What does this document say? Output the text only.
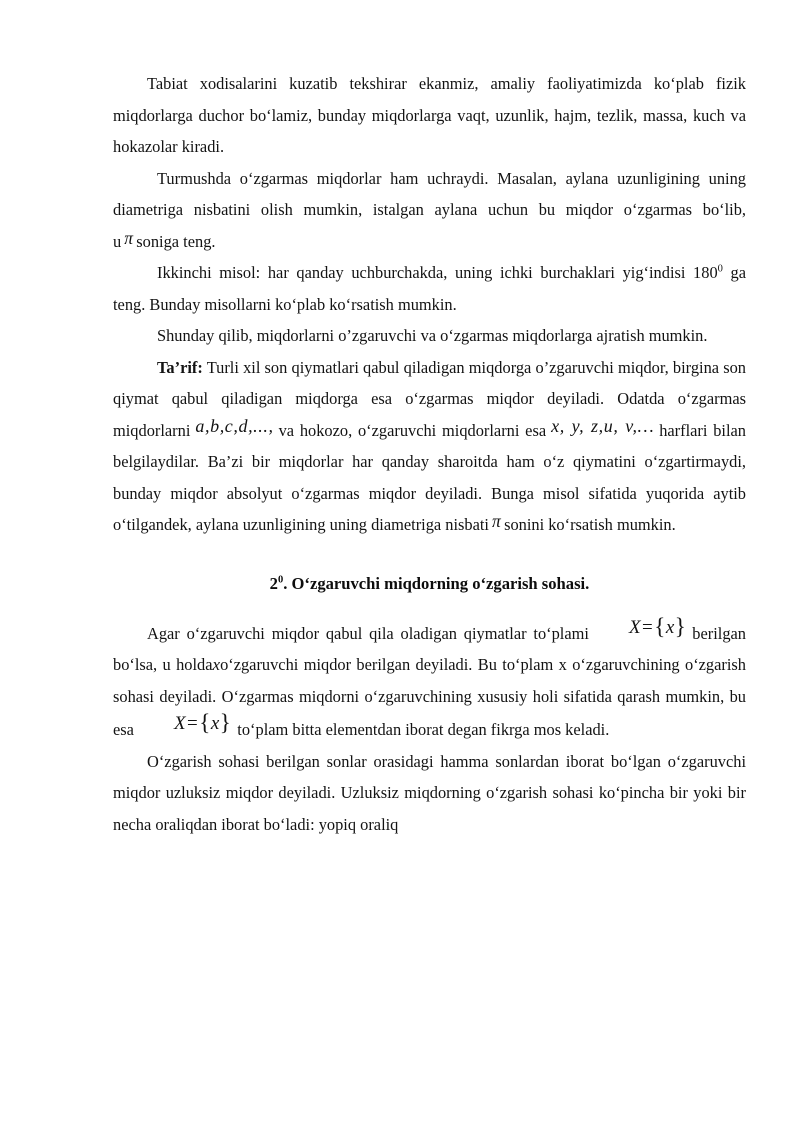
Tabiat xodisalarini kuzatib tekshirar ekanmiz, amaliy faoliyatimizda ko‘plab fizik miqdorlarga duchor bo‘lamiz, bunday miqdorlarga vaqt, uzunlik, hajm, tezlik, massa, kuch va hokazolar kiradi.

Turmushda o‘zgarmas miqdorlar ham uchraydi. Masalan, aylana uzunligining uning diametriga nisbatini olish mumkin, istalgan aylana uchun bu miqdor o‘zgarmas bo‘lib, u π soniga teng.

Ikkinchi misol: har qanday uchburchakda, uning ichki burchaklari yig‘indisi $180^0$ ga teng. Bunday misollarni ko‘plab ko‘rsatish mumkin.

Shunday qilib, miqdorlarni o’zgaruvchi va o‘zgarmas miqdorlarga ajratish mumkin.

Ta’rif: Turli xil son qiymatlari qabul qiladigan miqdorga o’zgaruvchi miqdor, birgina son qiymat qabul qiladigan miqdorga esa o‘zgarmas miqdor deyiladi. Odatda o‘zgarmas miqdorlarni a,b,c,d,..., va hokozo, o‘zgaruvchi miqdorlarni esa x, y, z,u, v,… harflari bilan belgilaydilar. Ba’zi bir miqdorlar har qanday sharoitda ham o‘z qiymatini o‘zgartirmaydi, bunday miqdor absolyut o‘zgarmas miqdor deyiladi. Bunga misol sifatida yuqorida aytib o‘tilgandek, aylana uzunligining uning diametriga nisbati π sonini ko‘rsatish mumkin.

$2^0$. O‘zgaruvchi miqdorning o‘zgarish sohasi.

Agar o‘zgaruvchi miqdor qabul qila oladigan qiymatlar to‘plami X={x} berilgan bo‘lsa, u holdaxo‘zgaruvchi miqdor berilgan deyiladi. Bu to‘plam x o‘zgaruvchining o‘zgarish sohasi deyiladi. O‘zgarmas miqdorni o‘zgaruvchining xususiy holi sifatida qarash mumkin, bu esa X={x} to‘plam bitta elementdan iborat degan fikrga mos keladi.

O‘zgarish sohasi berilgan sonlar orasidagi hamma sonlardan iborat bo‘lgan o‘zgaruvchi miqdor uzluksiz miqdor deyiladi. Uzluksiz miqdorning o‘zgarish sohasi ko‘pincha bir yoki bir necha oraliqdan iborat bo‘ladi: yopiq oraliq
